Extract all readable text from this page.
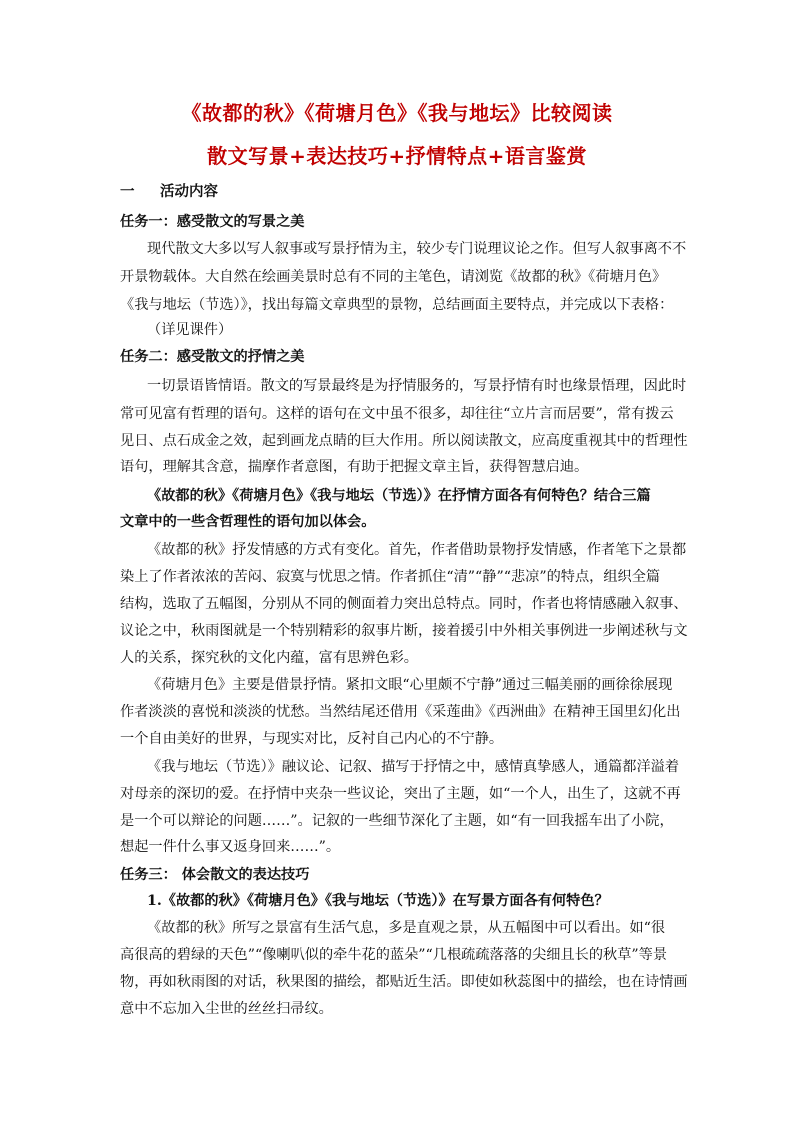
《故都的秋》《荷塘月色》《我与地坛》比较阅读
散文写景+表达技巧+抒情特点+语言鉴赏
一 活动内容
任务一：感受散文的写景之美
现代散文大多以写人叙事或写景抒情为主，较少专门说理议论之作。但写人叙事离不不
开景物载体。大自然在绘画美景时总有不同的主笔色，请浏览《故都的秋》《荷塘月色》
《我与地坛（节选）》，找出每篇文章典型的景物，总结画面主要特点，并完成以下表格：
（详见课件）
任务二：感受散文的抒情之美
一切景语皆情语。散文的写景最终是为抒情服务的，写景抒情有时也缘景悟理，因此时
常可见富有哲理的语句。这样的语句在文中虽不很多，却往往“立片言而居要”，常有拨云
见日、点石成金之效，起到画龙点睛的巨大作用。所以阅读散文，应高度重视其中的哲理性
语句，理解其含意，揣摩作者意图，有助于把握文章主旨，获得智慧启迪。
《故都的秋》《荷塘月色》《我与地坛（节选）》在抒情方面各有何特色？结合三篇
文章中的一些含哲理性的语句加以体会。
《故都的秋》抒发情感的方式有变化。首先，作者借助景物抒发情感，作者笔下之景都
染上了作者浓浓的苦闷、寂寞与忧思之情。作者抓住“清”“静”“悲凉”的特点，组织全篇
结构，选取了五幅图，分别从不同的侧面着力突出总特点。同时，作者也将情感融入叙事、
议论之中，秋雨图就是一个特别精彩的叙事片断，接着援引中外相关事例进一步阐述秋与文
人的关系，探究秋的文化内蕴，富有思辨色彩。
《荷塘月色》主要是借景抒情。紧扣文眼“心里颇不宁静”通过三幅美丽的画徐徐展现
作者淡淡的喜悦和淡淡的忧愁。当然结尾还借用《采莲曲》《西洲曲》在精神王国里幻化出
一个自由美好的世界，与现实对比，反衬自己内心的不宁静。
《我与地坛（节选）》融议论、记叙、描写于抒情之中，感情真挚感人，通篇都洋溢着
对母亲的深切的爱。在抒情中夹杂一些议论，突出了主题，如“一个人，出生了，这就不再
是一个可以辩论的问题……”。记叙的一些细节深化了主题，如“有一回我摇车出了小院，
想起一件什么事又返身回来……”。
任务三： 体会散文的表达技巧
1.《故都的秋》《荷塘月色》《我与地坛（节选）》在写景方面各有何特色？
《故都的秋》所写之景富有生活气息，多是直观之景，从五幅图中可以看出。如“很
高很高的碧绿的天色”“像喇叭似的牵牛花的蓝朵”“几根疏疏落落的尖细且长的秋草”等景
物，再如秋雨图的对话，秋果图的描绘，都贴近生活。即使如秋蕊图中的描绘，也在诗情画
意中不忘加入尘世的丝丝扫帚纹。
